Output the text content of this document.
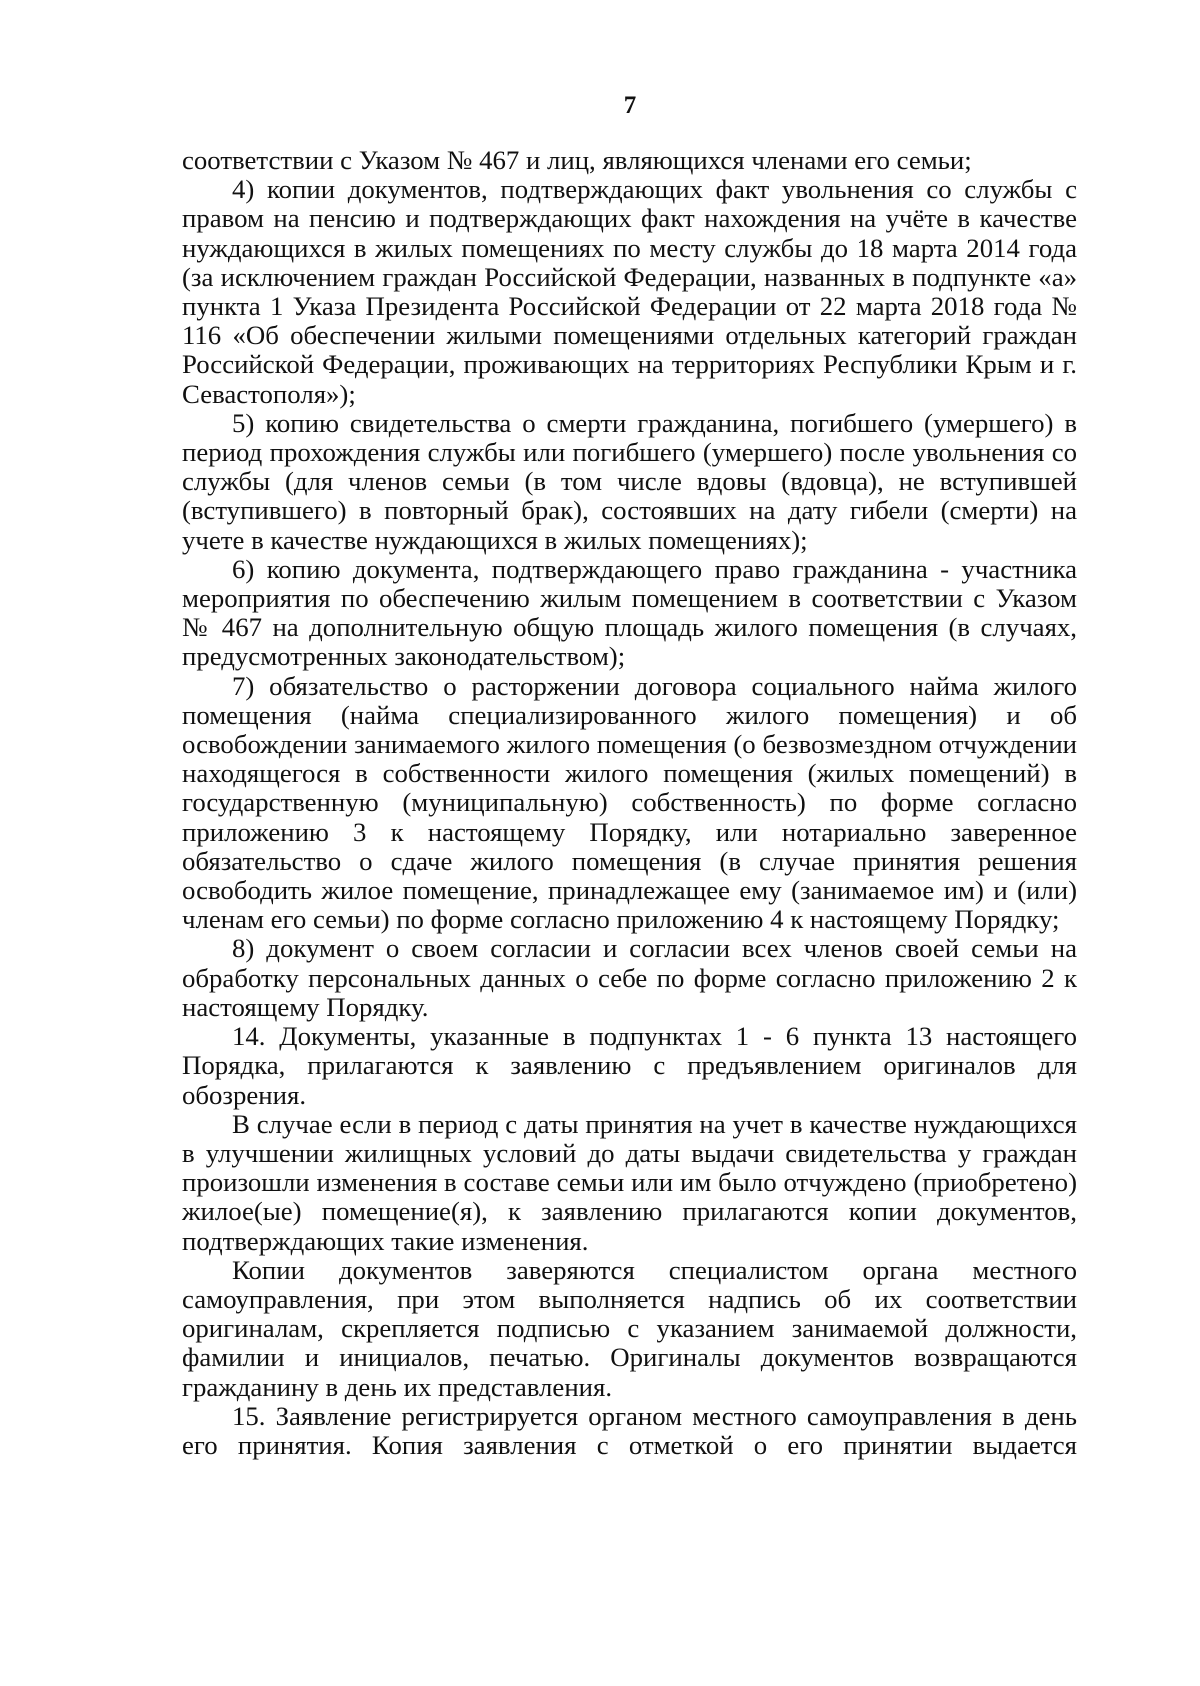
7

соответствии с Указом № 467 и лиц, являющихся членами его семьи;

4) копии документов, подтверждающих факт увольнения со службы с правом на пенсию и подтверждающих факт нахождения на учёте в качестве нуждающихся в жилых помещениях по месту службы до 18 марта 2014 года (за исключением граждан Российской Федерации, названных в подпункте «а» пункта 1 Указа Президента Российской Федерации от 22 марта 2018 года № 116 «Об обеспечении жилыми помещениями отдельных категорий граждан Российской Федерации, проживающих на территориях Республики Крым и г. Севастополя»);

5) копию свидетельства о смерти гражданина, погибшего (умершего) в период прохождения службы или погибшего (умершего) после увольнения со службы (для членов семьи (в том числе вдовы (вдовца), не вступившей (вступившего) в повторный брак), состоявших на дату гибели (смерти) на учете в качестве нуждающихся в жилых помещениях);

6) копию документа, подтверждающего право гражданина - участника мероприятия по обеспечению жилым помещением в соответствии с Указом № 467 на дополнительную общую площадь жилого помещения (в случаях, предусмотренных законодательством);

7) обязательство о расторжении договора социального найма жилого помещения (найма специализированного жилого помещения) и об освобождении занимаемого жилого помещения (о безвозмездном отчуждении находящегося в собственности жилого помещения (жилых помещений) в государственную (муниципальную) собственность) по форме согласно приложению 3 к настоящему Порядку, или нотариально заверенное обязательство о сдаче жилого помещения (в случае принятия решения освободить жилое помещение, принадлежащее ему (занимаемое им) и (или) членам его семьи) по форме согласно приложению 4 к настоящему Порядку;

8) документ о своем согласии и согласии всех членов своей семьи на обработку персональных данных о себе по форме согласно приложению 2 к настоящему Порядку.

14. Документы, указанные в подпунктах 1 - 6 пункта 13 настоящего Порядка, прилагаются к заявлению с предъявлением оригиналов для обозрения.

В случае если в период с даты принятия на учет в качестве нуждающихся в улучшении жилищных условий до даты выдачи свидетельства у граждан произошли изменения в составе семьи или им было отчуждено (приобретено) жилое(ые) помещение(я), к заявлению прилагаются копии документов, подтверждающих такие изменения.

Копии документов заверяются специалистом органа местного самоуправления, при этом выполняется надпись об их соответствии оригиналам, скрепляется подписью с указанием занимаемой должности, фамилии и инициалов, печатью. Оригиналы документов возвращаются гражданину в день их представления.

15. Заявление регистрируется органом местного самоуправления в день его принятия. Копия заявления с отметкой о его принятии выдается
